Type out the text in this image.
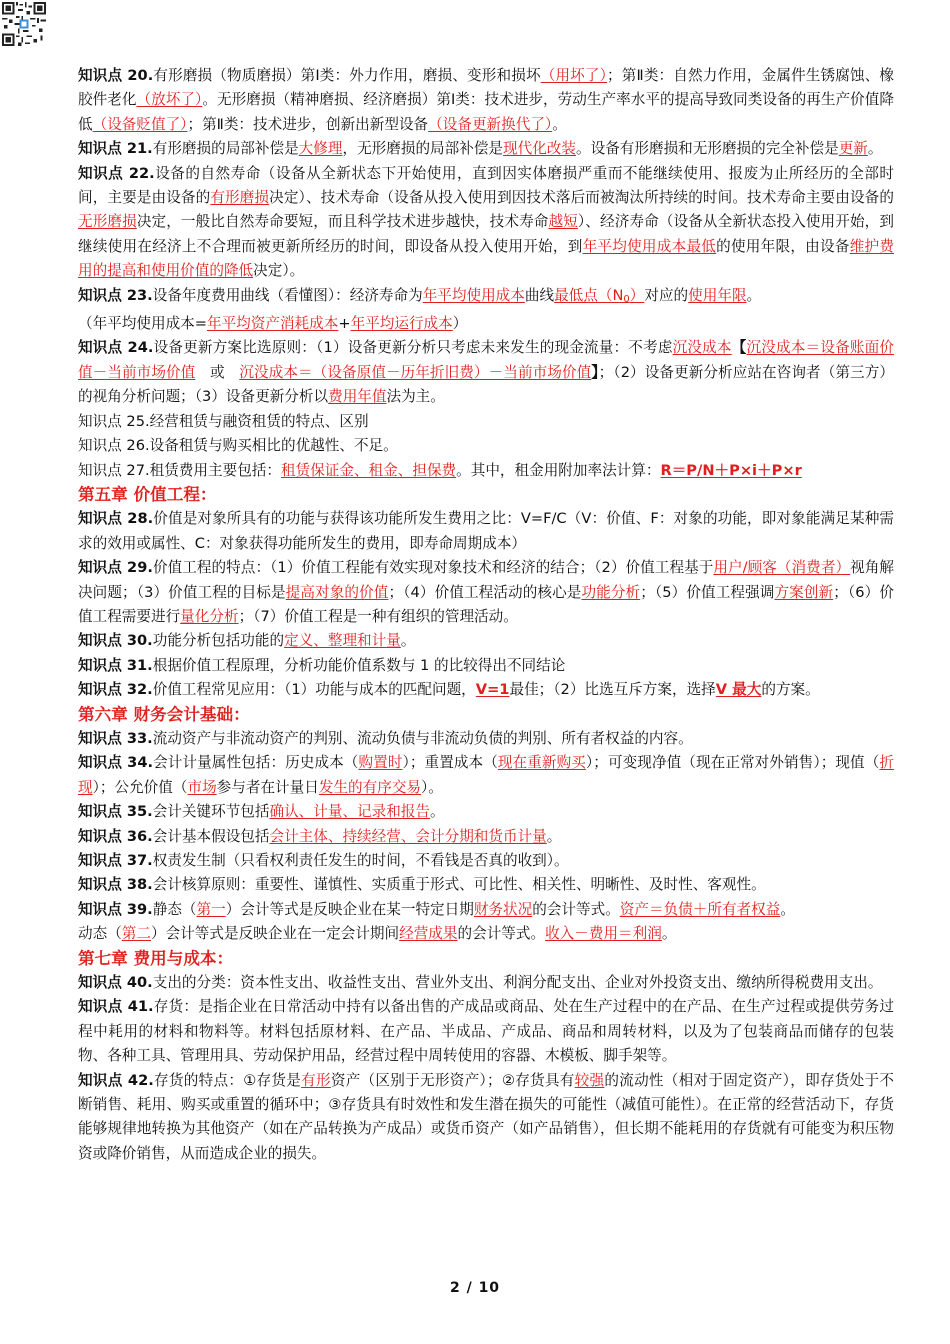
知识点 20.有形磨损（物质磨损）第Ⅰ类：外力作用，磨损、变形和损坏（用坏了）；第Ⅱ类：自然力作用，金属件生锈腐蚀、橡胶件老化（放坏了）。无形磨损（精神磨损、经济磨损）第Ⅰ类：技术进步，劳动生产率水平的提高导致同类设备的再生产价值降低（设备贬值了）；第Ⅱ类：技术进步，创新出新型设备（设备更新换代了）。

知识点 21.有形磨损的局部补偿是大修理，无形磨损的局部补偿是现代化改装。设备有形磨损和无形磨损的完全补偿是更新。

知识点 22.设备的自然寿命（设备从全新状态下开始使用，直到因实体磨损严重而不能继续使用、报废为止所经历的全部时间，主要是由设备的有形磨损决定）、技术寿命（设备从投入使用到因技术落后而被淘汰所持续的时间。技术寿命主要由设备的无形磨损决定，一般比自然寿命要短，而且科学技术进步越快，技术寿命越短）、经济寿命（设备从全新状态投入使用开始，到继续使用在经济上不合理而被更新所经历的时间，即设备从投入使用开始，到年平均使用成本最低的使用年限，由设备维护费用的提高和使用价值的降低决定）。

知识点 23.设备年度费用曲线（看懂图）：经济寿命为年平均使用成本曲线最低点$(N_0)$对应的使用年限。

（年平均使用成本=年平均资产消耗成本+年平均运行成本）

知识点 24.设备更新方案比选原则：（1）设备更新分析只考虑未来发生的现金流量：不考虑沉没成本【沉没成本＝设备账面价值－当前市场价值　或　沉没成本＝（设备原值－历年折旧费）－当前市场价值】；（2）设备更新分析应站在咨询者（第三方）的视角分析问题；（3）设备更新分析以费用年值法为主。

知识点 25.经营租赁与融资租赁的特点、区别

知识点 26.设备租赁与购买相比的优越性、不足。

知识点 27.租赁费用主要包括：租赁保证金、租金、担保费。其中，租金用附加率法计算：R＝P/N＋P×i＋P×r

第五章 价值工程：

知识点 28.价值是对象所具有的功能与获得该功能所发生费用之比：V=F/C（V：价值、F：对象的功能，即对象能满足某种需求的效用或属性、C：对象获得功能所发生的费用，即寿命周期成本）

知识点 29.价值工程的特点：（1）价值工程能有效实现对象技术和经济的结合；（2）价值工程基于用户/顾客（消费者）视角解决问题；（3）价值工程的目标是提高对象的价值；（4）价值工程活动的核心是功能分析；（5）价值工程强调方案创新；（6）价值工程需要进行量化分析；（7）价值工程是一种有组织的管理活动。

知识点 30.功能分析包括功能的定义、整理和计量。

知识点 31.根据价值工程原理，分析功能价值系数与 1 的比较得出不同结论

知识点 32.价值工程常见应用：（1）功能与成本的匹配问题，V=1最佳；（2）比选互斥方案，选择V 最大的方案。

第六章 财务会计基础：

知识点 33.流动资产与非流动资产的判别、流动负债与非流动负债的判别、所有者权益的内容。

知识点 34.会计计量属性包括：历史成本（购置时）；重置成本（现在重新购买）；可变现净值（现在正常对外销售）；现值（折现）；公允价值（市场参与者在计量日发生的有序交易）。

知识点 35.会计关键环节包括确认、计量、记录和报告。

知识点 36.会计基本假设包括会计主体、持续经营、会计分期和货币计量。

知识点 37.权责发生制（只看权利责任发生的时间，不看钱是否真的收到）。

知识点 38.会计核算原则：重要性、谨慎性、实质重于形式、可比性、相关性、明晰性、及时性、客观性。

知识点 39.静态（第一）会计等式是反映企业在某一特定日期财务状况的会计等式。资产＝负债＋所有者权益。

动态（第二）会计等式是反映企业在一定会计期间经营成果的会计等式。收入－费用＝利润。

第七章 费用与成本：

知识点 40.支出的分类：资本性支出、收益性支出、营业外支出、利润分配支出、企业对外投资支出、缴纳所得税费用支出。

知识点 41.存货：是指企业在日常活动中持有以备出售的产成品或商品、处在生产过程中的在产品、在生产过程或提供劳务过程中耗用的材料和物料等。材料包括原材料、在产品、半成品、产成品、商品和周转材料，以及为了包装商品而储存的包装物、各种工具、管理用具、劳动保护用品，经营过程中周转使用的容器、木模板、脚手架等。

知识点 42.存货的特点：①存货是有形资产（区别于无形资产）；②存货具有较强的流动性（相对于固定资产），即存货处于不断销售、耗用、购买或重置的循环中；③存货具有时效性和发生潜在损失的可能性（减值可能性）。在正常的经营活动下，存货能够规律地转换为其他资产（如在产品转换为产成品）或货币资产（如产品销售），但长期不能耗用的存货就有可能变为积压物资或降价销售，从而造成企业的损失。

2 / 10
